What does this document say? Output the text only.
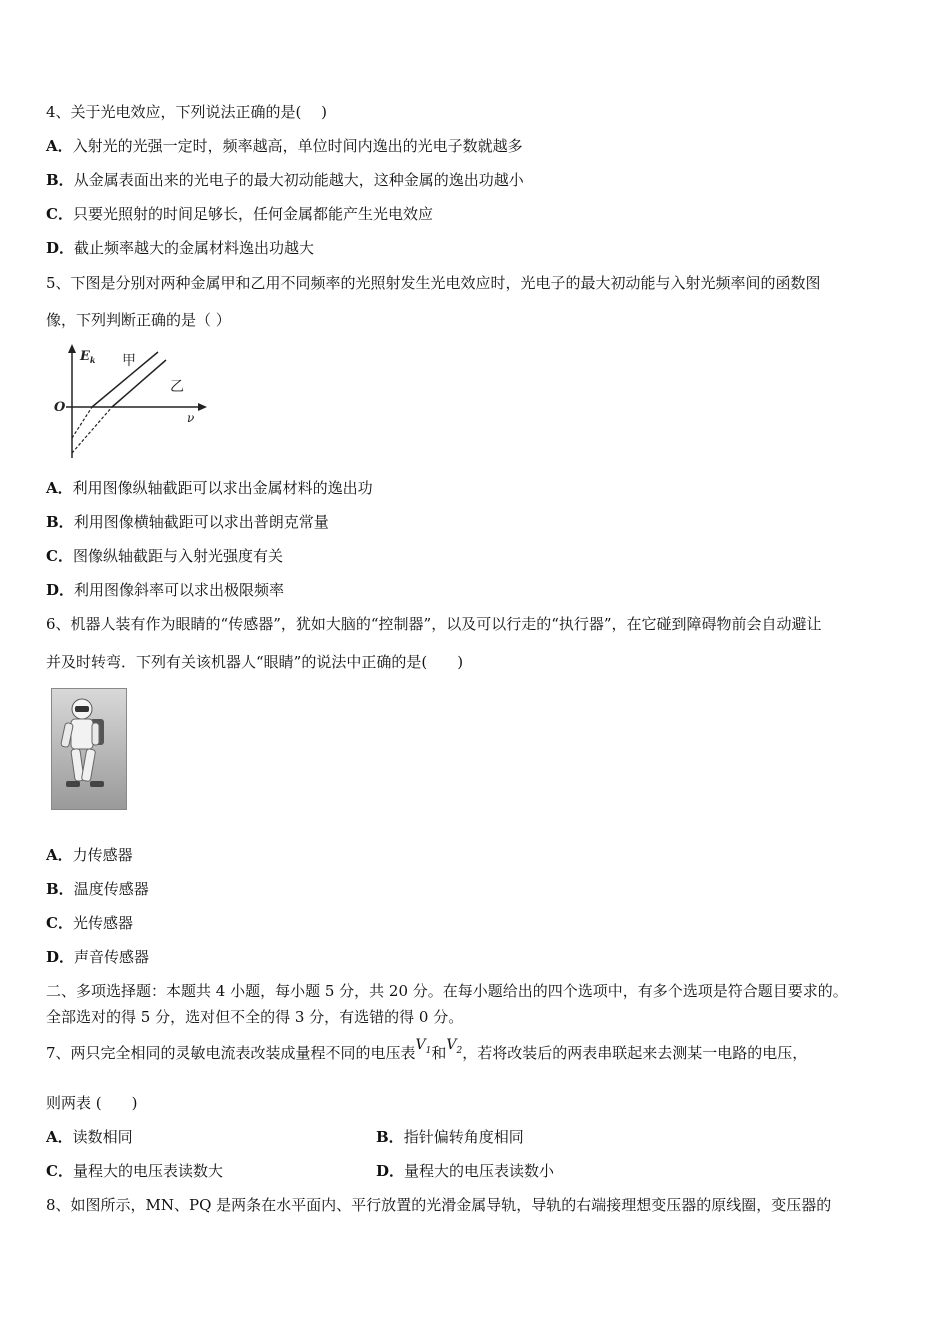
4、关于光电效应，下列说法正确的是(　 )
A．入射光的光强一定时，频率越高，单位时间内逸出的光电子数就越多
B．从金属表面出来的光电子的最大初动能越大，这种金属的逸出功越小
C．只要光照射的时间足够长，任何金属都能产生光电效应
D．截止频率越大的金属材料逸出功越大
5、下图是分别对两种金属甲和乙用不同频率的光照射发生光电效应时，光电子的最大初动能与入射光频率间的函数图
像，下列判断正确的是（ ）
$E_k$ 甲
乙
O
ν
A．利用图像纵轴截距可以求出金属材料的逸出功
B．利用图像横轴截距可以求出普朗克常量
C．图像纵轴截距与入射光强度有关
D．利用图像斜率可以求出极限频率
6、机器人装有作为眼睛的“传感器”，犹如大脑的“控制器”，以及可以行走的“执行器”，在它碰到障碍物前会自动避让
并及时转弯．下列有关该机器人“眼睛”的说法中正确的是(　　)
A．力传感器
B．温度传感器
C．光传感器
D．声音传感器
二、多项选择题：本题共 4 小题，每小题 5 分，共 20 分。在每小题给出的四个选项中，有多个选项是符合题目要求的。
全部选对的得 5 分，选对但不全的得 3 分，有选错的得 0 分。
7、两只完全相同的灵敏电流表改装成量程不同的电压表$V_1$和$V_2$，若将改装后的两表串联起来去测某一电路的电压，
则两表 (　　)
A．读数相同	B．指针偏转角度相同
C．量程大的电压表读数大	D．量程大的电压表读数小
8、如图所示，MN、PQ 是两条在水平面内、平行放置的光滑金属导轨，导轨的右端接理想变压器的原线圈，变压器的
